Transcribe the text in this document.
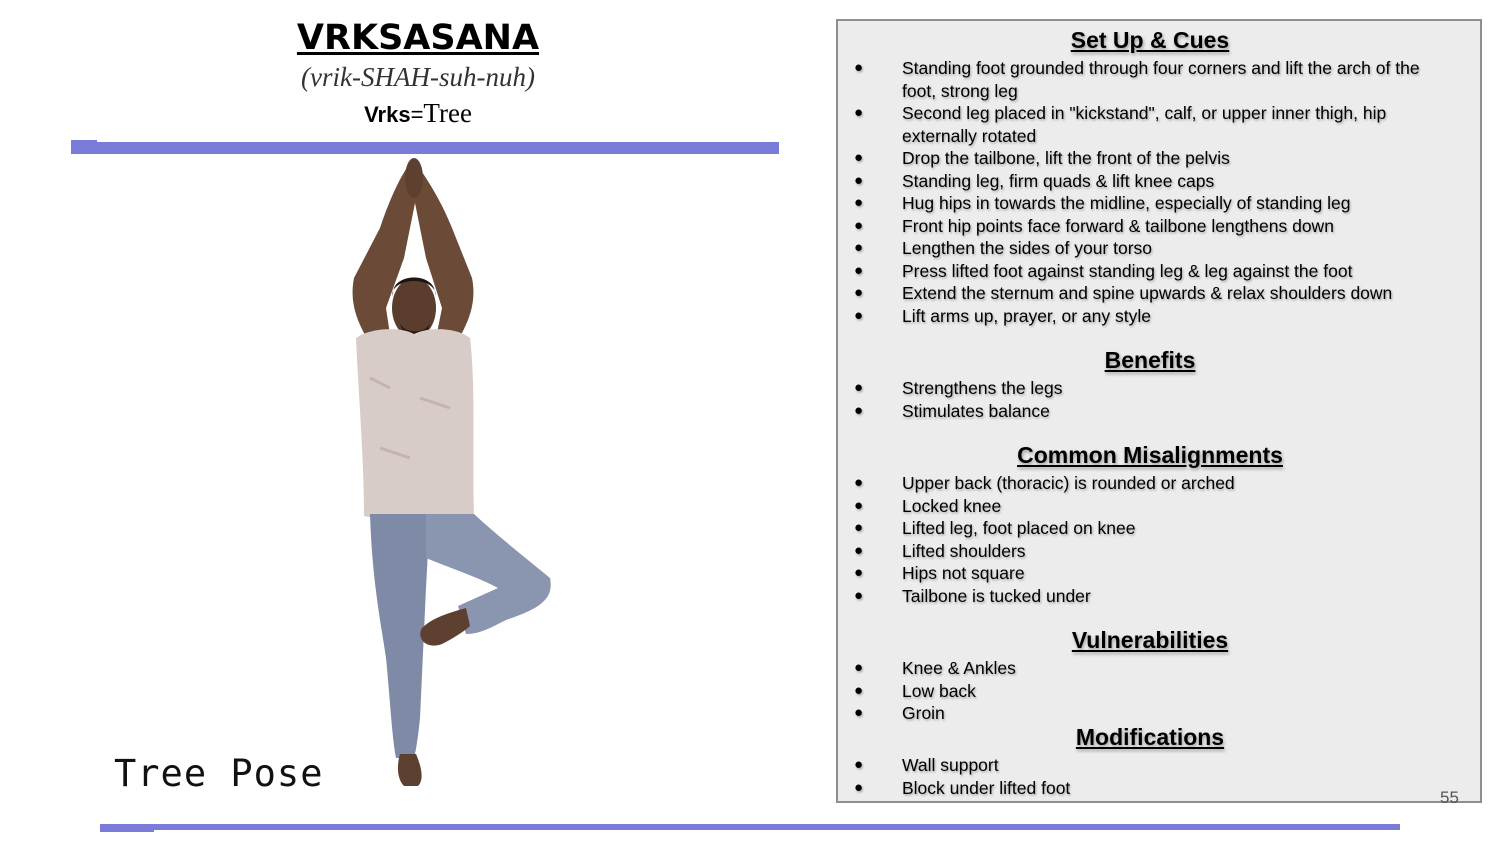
VRKSASANA
(vrik-SHAH-suh-nuh)
Vrks=Tree
Tree Pose
Set Up & Cues
● Standing foot grounded through four corners and lift the arch of the foot, strong leg
● Second leg placed in "kickstand", calf, or upper inner thigh, hip externally rotated
● Drop the tailbone, lift the front of the pelvis
● Standing leg, firm quads & lift knee caps
● Hug hips in towards the midline, especially of standing leg
● Front hip points face forward & tailbone lengthens down
● Lengthen the sides of your torso
● Press lifted foot against standing leg & leg against the foot
● Extend the sternum and spine upwards & relax shoulders down
● Lift arms up, prayer, or any style
Benefits
● Strengthens the legs
● Stimulates balance
Common Misalignments
● Upper back (thoracic) is rounded or arched
● Locked knee
● Lifted leg, foot placed on knee
● Lifted shoulders
● Hips not square
● Tailbone is tucked under
Vulnerabilities
● Knee & Ankles
● Low back
● Groin
Modifications
● Wall support
● Block under lifted foot	55
